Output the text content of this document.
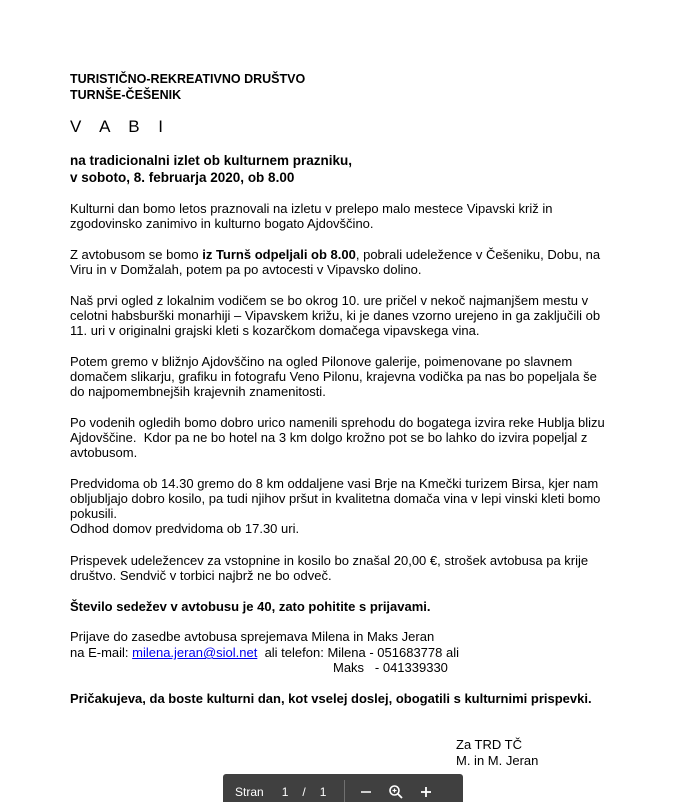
TURISTIČNO-REKREATIVNO DRUŠTVO
TURNŠE-ČEŠENIK
V A B I
na tradicionalni izlet ob kulturnem prazniku,
v soboto, 8. februarja 2020, ob 8.00
Kulturni dan bomo letos praznovali na izletu v prelepo malo mestece Vipavski križ in
zgodovinsko zanimivo in kulturno bogato Ajdovščino.
Z avtobusom se bomo iz Turnš odpeljali ob 8.00, pobrali udeležence v Češeniku, Dobu, na
Viru in v Domžalah, potem pa po avtocesti v Vipavsko dolino.
Naš prvi ogled z lokalnim vodičem se bo okrog 10. ure pričel v nekoč najmanjšem mestu v
celotni habsburški monarhiji – Vipavskem križu, ki je danes vzorno urejeno in ga zaključili ob
11. uri v originalni grajski kleti s kozarčkom domačega vipavskega vina.
Potem gremo v bližnjo Ajdovščino na ogled Pilonove galerije, poimenovane po slavnem
domačem slikarju, grafiku in fotografu Veno Pilonu, krajevna vodička pa nas bo popeljala še
do najpomembnejših krajevnih znamenitosti.
Po vodenih ogledih bomo dobro urico namenili sprehodu do bogatega izvira reke Hublja blizu
Ajdovščine.  Kdor pa ne bo hotel na 3 km dolgo krožno pot se bo lahko do izvira popeljal z
avtobusom.
Predvidoma ob 14.30 gremo do 8 km oddaljene vasi Brje na Kmečki turizem Birsa, kjer nam
obljubljajo dobro kosilo, pa tudi njihov pršut in kvalitetna domača vina v lepi vinski kleti bomo
pokusili.
Odhod domov predvidoma ob 17.30 uri.
Prispevek udeležencev za vstopnine in kosilo bo znašal 20,00 €, strošek avtobusa pa krije
društvo. Sendvič v torbici najbrž ne bo odveč.
Število sedežev v avtobusu je 40, zato pohitite s prijavami.
Prijave do zasedbe avtobusa sprejemava Milena in Maks Jeran
na E-mail: milena.jeran@siol.net  ali telefon: Milena - 051683778 ali
Maks   - 041339330
Pričakujeva, da boste kulturni dan, kot vselej doslej, obogatili s kulturnimi prispevki.
Za TRD TČ
M. in M. Jeran
Stran 1 / 1
